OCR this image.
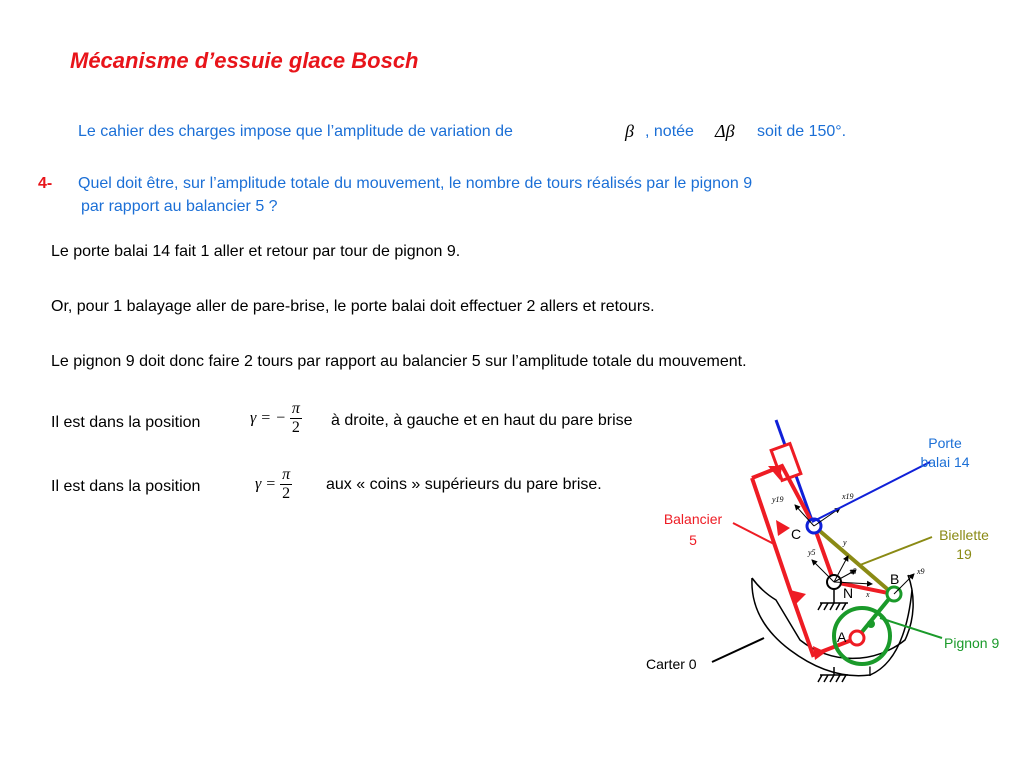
Mécanisme d’essuie glace Bosch
Le cahier des charges impose que l’amplitude de variation de	β , notée Δβ soit de 150°.
4- Quel doit être, sur l’amplitude totale du mouvement, le nombre de tours réalisés par le pignon 9
par rapport au balancier 5 ?
Le porte balai 14 fait 1 aller et retour par tour de pignon 9.
Or, pour 1 balayage aller de pare-brise, le porte balai doit effectuer 2 allers et retours.
Le pignon 9 doit donc faire 2 tours par rapport au balancier 5 sur l’amplitude totale du mouvement.
Il est dans la position	γ = − $\frac{\pi}{2}$ à droite, à gauche et en haut du pare brise
Il est dans la position	$\gamma = \frac{\pi}{2}$ aux « coins » supérieurs du pare brise.
y19	x19
y
y5
x5	x9
x
Porte
balai 14
Balancier
5	Biellette
19
Pignon 9
Carter 0
C
B
N
A
I
